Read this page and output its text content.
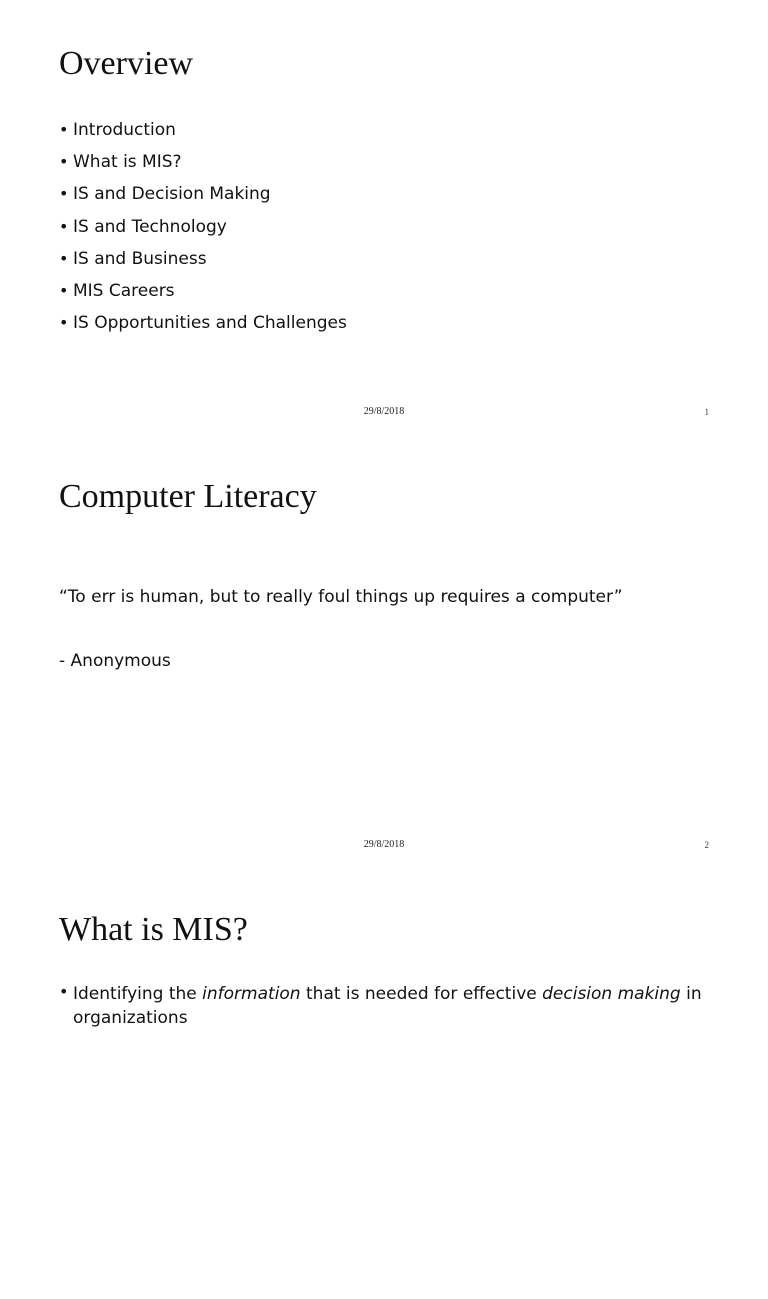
Overview
• Introduction
• What is MIS?
• IS and Decision Making
• IS and Technology
• IS and Business
• MIS Careers
• IS Opportunities and Challenges
29/8/2018	1
Computer Literacy
“To err is human, but to really foul things up requires a computer”
- Anonymous
29/8/2018	2
What is MIS?
• Identifying the information that is needed for effective decision making in organizations
